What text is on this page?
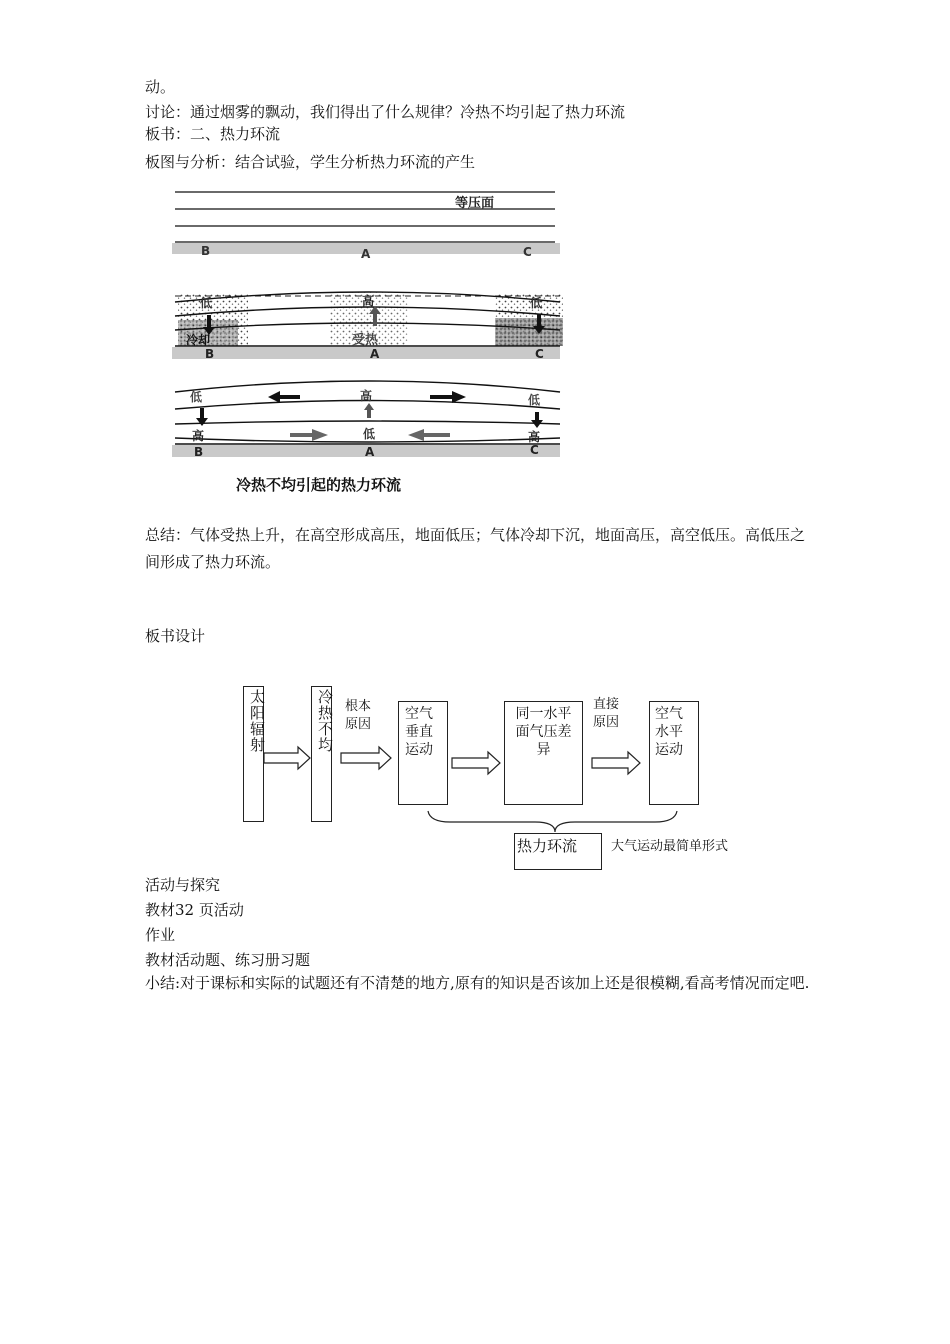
动。
讨论：通过烟雾的飘动，我们得出了什么规律？冷热不均引起了热力环流
板书：二、热力环流
板图与分析：结合试验，学生分析热力环流的产生
等压面
B	A	C
低	高	低
冷却	受热
B	A	C
低	高	低
高	低	高
B	A	C
冷热不均引起的热力环流
总结：气体受热上升，在高空形成高压，地面低压；气体冷却下沉，地面高压，高空低压。高低压之间形成了热力环流。
板书设计
太阳辐射	冷热不均 根本原因
空气垂直运动
同一水平面气压差异
直接原因
空气水平运动
热力环流	大气运动最简单形式
活动与探究
教材32 页活动
作业
教材活动题、练习册习题
小结:对于课标和实际的试题还有不清楚的地方,原有的知识是否该加上还是很模糊,看高考情况而定吧.
